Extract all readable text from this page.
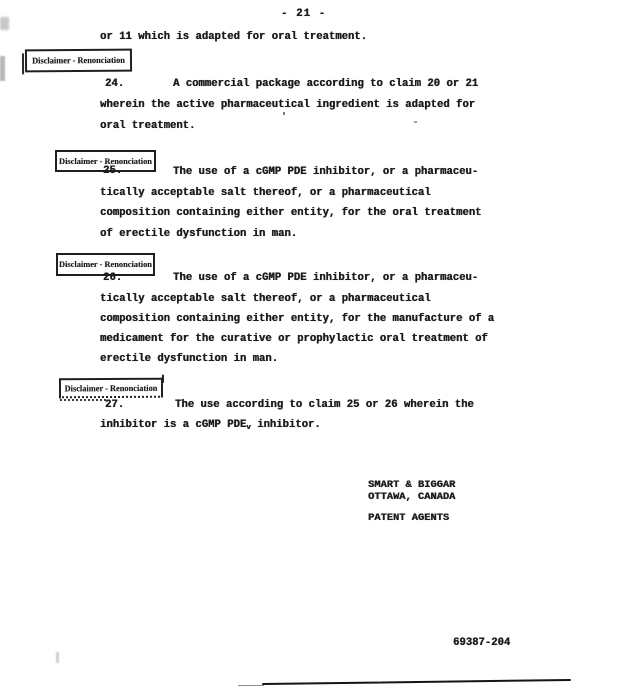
- 21 -
or 11 which is adapted for oral treatment.
Disclaimer - Renonciation
24.	A commercial package according to claim 20 or 21
wherein the active pharmaceutical ingredient is adapted for
oral treatment.
Disclaimer - Renonciation
25.	The use of a cGMP PDE inhibitor, or a pharmaceu-
tically acceptable salt thereof, or a pharmaceutical
composition containing either entity, for the oral treatment
of erectile dysfunction in man.
Disclaimer - Renonciation
26.	The use of a cGMP PDE inhibitor, or a pharmaceu-
tically acceptable salt thereof, or a pharmaceutical
composition containing either entity, for the manufacture of a
medicament for the curative or prophylactic oral treatment of
erectile dysfunction in man.
Disclaimer - Renonciation
27.	The use according to claim 25 or 26 wherein the
inhibitor is a cGMP $PDE_v$ inhibitor.
SMART & BIGGAR
OTTAWA, CANADA
PATENT AGENTS
69387-204
